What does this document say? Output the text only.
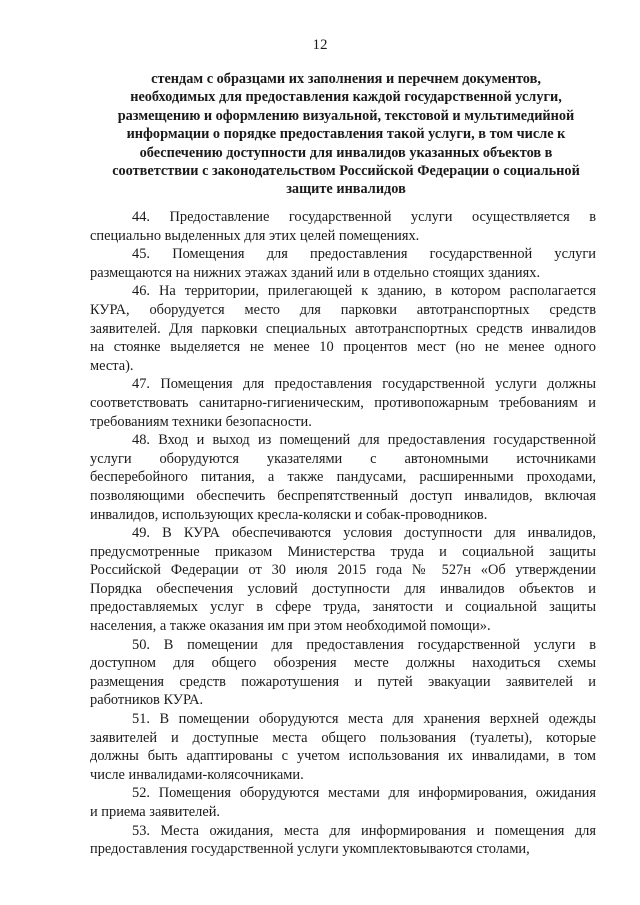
12
стендам с образцами их заполнения и перечнем документов,
необходимых для предоставления каждой государственной услуги,
размещению и оформлению визуальной, текстовой и мультимедийной
информации о порядке предоставления такой услуги, в том числе к
обеспечению доступности для инвалидов указанных объектов в
соответствии с законодательством Российской Федерации о социальной
защите инвалидов
44. Предоставление государственной услуги осуществляется в
специально выделенных для этих целей помещениях.
45. Помещения для предоставления государственной услуги
размещаются на нижних этажах зданий или в отдельно стоящих зданиях.
46. На территории, прилегающей к зданию, в котором располагается
КУРА, оборудуется место для парковки автотранспортных средств
заявителей. Для парковки специальных автотранспортных средств инвалидов
на стоянке выделяется не менее 10 процентов мест (но не менее одного
места).
47. Помещения для предоставления государственной услуги должны
соответствовать санитарно-гигиеническим, противопожарным требованиям и
требованиям техники безопасности.
48. Вход и выход из помещений для предоставления государственной
услуги оборудуются указателями с автономными источниками
бесперебойного питания, а также пандусами, расширенными проходами,
позволяющими обеспечить беспрепятственный доступ инвалидов, включая
инвалидов, использующих кресла-коляски и собак-проводников.
49. В КУРА обеспечиваются условия доступности для инвалидов,
предусмотренные приказом Министерства труда и социальной защиты
Российской Федерации от 30 июля 2015 года № 527н «Об утверждении
Порядка обеспечения условий доступности для инвалидов объектов и
предоставляемых услуг в сфере труда, занятости и социальной защиты
населения, а также оказания им при этом необходимой помощи».
50. В помещении для предоставления государственной услуги в
доступном для общего обозрения месте должны находиться схемы
размещения средств пожаротушения и путей эвакуации заявителей и
работников КУРА.
51. В помещении оборудуются места для хранения верхней одежды
заявителей и доступные места общего пользования (туалеты), которые
должны быть адаптированы с учетом использования их инвалидами, в том
числе инвалидами-колясочниками.
52. Помещения оборудуются местами для информирования, ожидания
и приема заявителей.
53. Места ожидания, места для информирования и помещения для
предоставления государственной услуги укомплектовываются столами,
